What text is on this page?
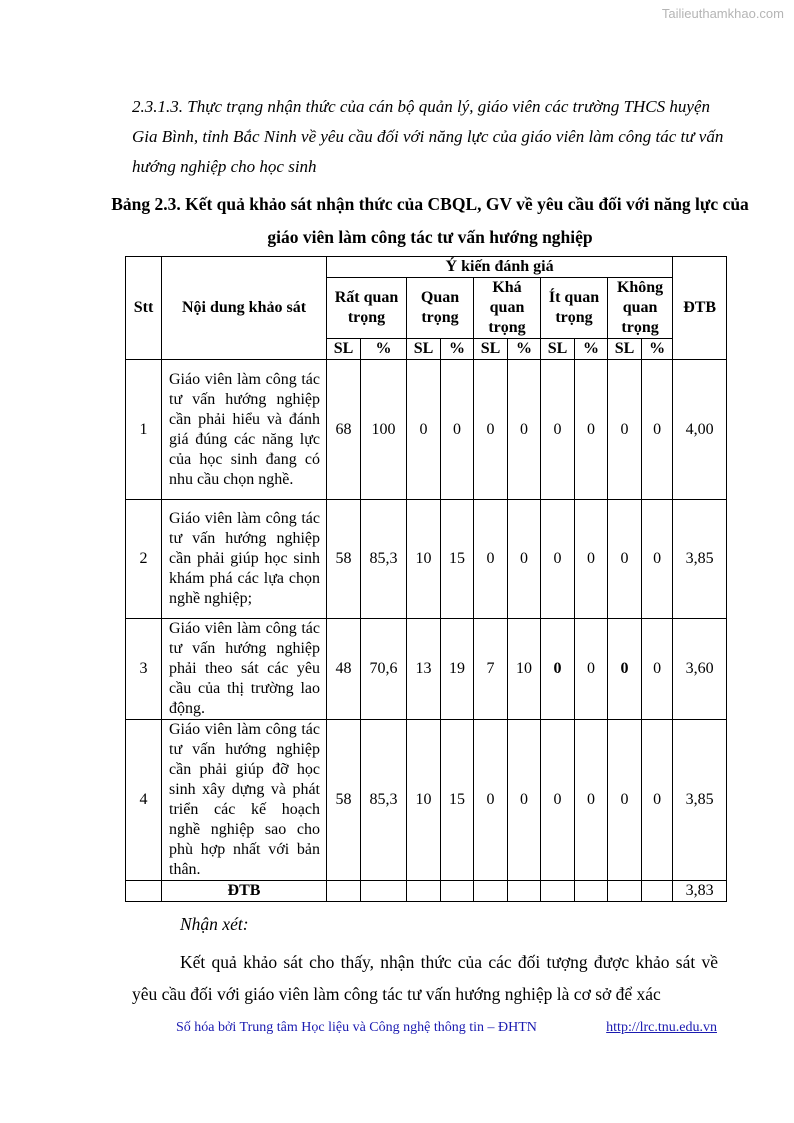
Tailieuthamkhao.com

2.3.1.3. Thực trạng nhận thức của cán bộ quản lý, giáo viên các trường THCS huyện Gia Bình, tỉnh Bắc Ninh về yêu cầu đối với năng lực của giáo viên làm công tác tư vấn hướng nghiệp cho học sinh

Bảng 2.3. Kết quả khảo sát nhận thức của CBQL, GV về yêu cầu đối với năng lực của giáo viên làm công tác tư vấn hướng nghiệp

Stt	Nội dung khảo sát	Ý kiến đánh giá										ĐTB
		Rất quan trọng		Quan trọng		Khá quan trọng		Ít quan trọng		Không quan trọng		
		SL	%	SL	%	SL	%	SL	%	SL	%	
1	Giáo viên làm công tác tư vấn hướng nghiệp cần phải hiểu và đánh giá đúng các năng lực của học sinh đang có nhu cầu chọn nghề.	68	100	0	0	0	0	0	0	0	0	4,00
2	Giáo viên làm công tác tư vấn hướng nghiệp cần phải giúp học sinh khám phá các lựa chọn nghề nghiệp;	58	85,3	10	15	0	0	0	0	0	0	3,85
3	Giáo viên làm công tác tư vấn hướng nghiệp phải theo sát các yêu cầu của thị trường lao động.	48	70,6	13	19	7	10	0	0	0	0	3,60
4	Giáo viên làm công tác tư vấn hướng nghiệp cần phải giúp đỡ học sinh xây dựng và phát triển các kế hoạch nghề nghiệp sao cho phù hợp nhất với bản thân.	58	85,3	10	15	0	0	0	0	0	0	3,85
	ĐTB											3,83

Nhận xét:

Kết quả khảo sát cho thấy, nhận thức của các đối tượng được khảo sát về yêu cầu đối với giáo viên làm công tác tư vấn hướng nghiệp là cơ sở để xác

Số hóa bởi Trung tâm Học liệu và Công nghệ thông tin – ĐHTN	http://lrc.tnu.edu.vn
